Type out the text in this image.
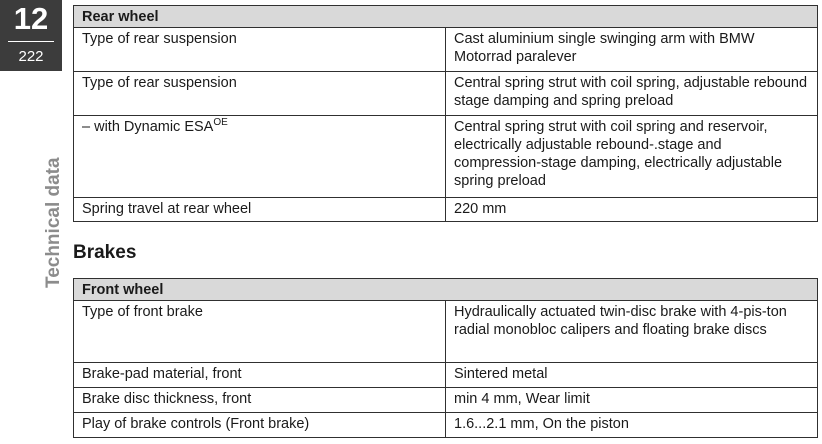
12
222
Technical data
Rear wheel	
Type of rear suspension	Cast aluminium single swinging arm with BMW Motorrad paralever
Type of rear suspension	Central spring strut with coil spring, adjustable rebound stage damping and spring preload
– with Dynamic $ESA^{OE}$	Central spring strut with coil spring and reservoir, electrically adjustable rebound-.stage and compression-stage damping, electrically adjustable spring preload
Spring travel at rear wheel	220 mm
Brakes
Front wheel	
Type of front brake	Hydraulically actuated twin-disc brake with 4-pis-ton radial monobloc calipers and floating brake discs
Brake-pad material, front	Sintered metal
Brake disc thickness, front	min 4 mm, Wear limit
Play of brake controls (Front brake)	1.6...2.1 mm, On the piston
